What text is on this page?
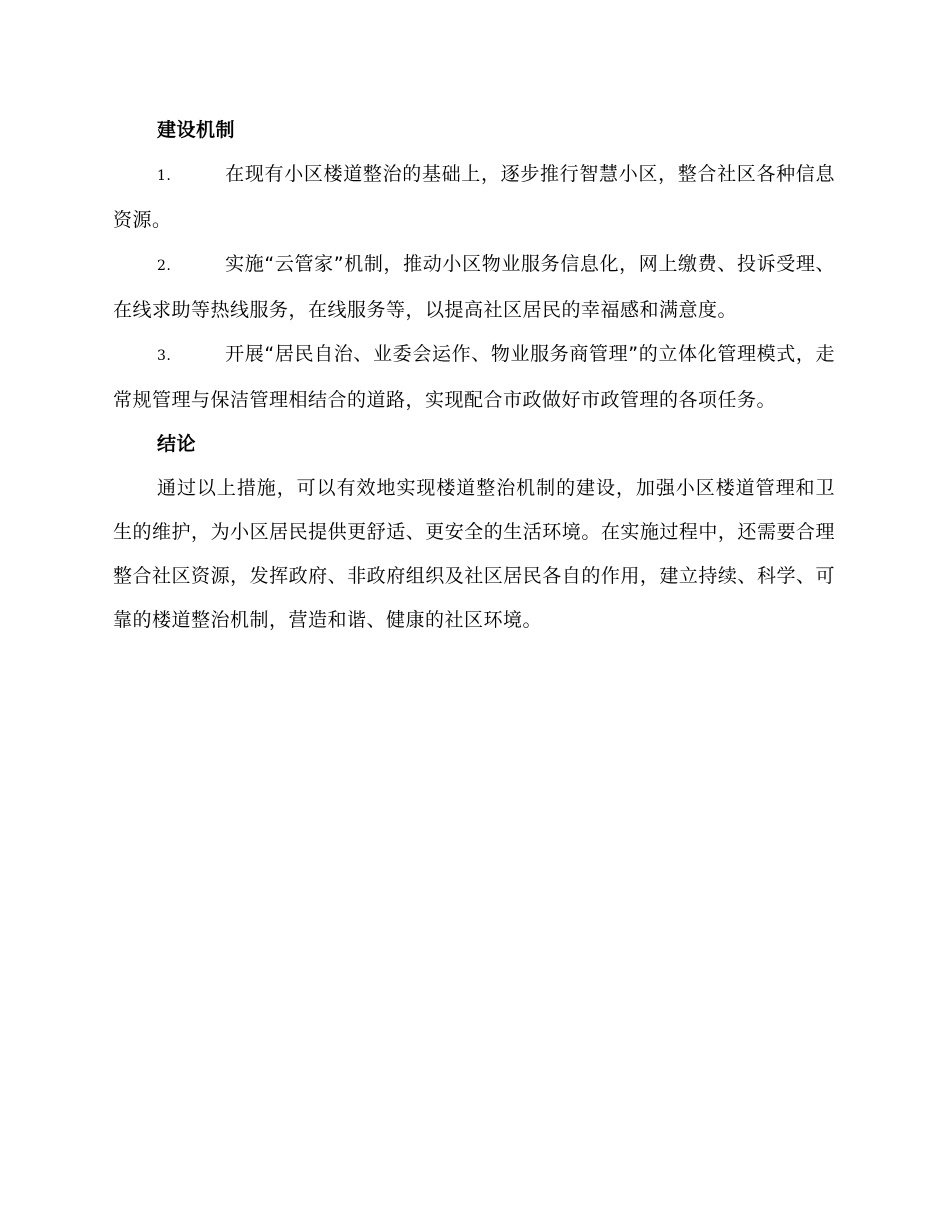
建设机制

1.	在现有小区楼道整治的基础上，逐步推行智慧小区，整合社区各种信息资源。

2.	实施“云管家”机制，推动小区物业服务信息化，网上缴费、投诉受理、在线求助等热线服务，在线服务等，以提高社区居民的幸福感和满意度。

3.	开展“居民自治、业委会运作、物业服务商管理”的立体化管理模式，走常规管理与保洁管理相结合的道路，实现配合市政做好市政管理的各项任务。

结论

通过以上措施，可以有效地实现楼道整治机制的建设，加强小区楼道管理和卫生的维护，为小区居民提供更舒适、更安全的生活环境。在实施过程中，还需要合理整合社区资源，发挥政府、非政府组织及社区居民各自的作用，建立持续、科学、可靠的楼道整治机制，营造和谐、健康的社区环境。
